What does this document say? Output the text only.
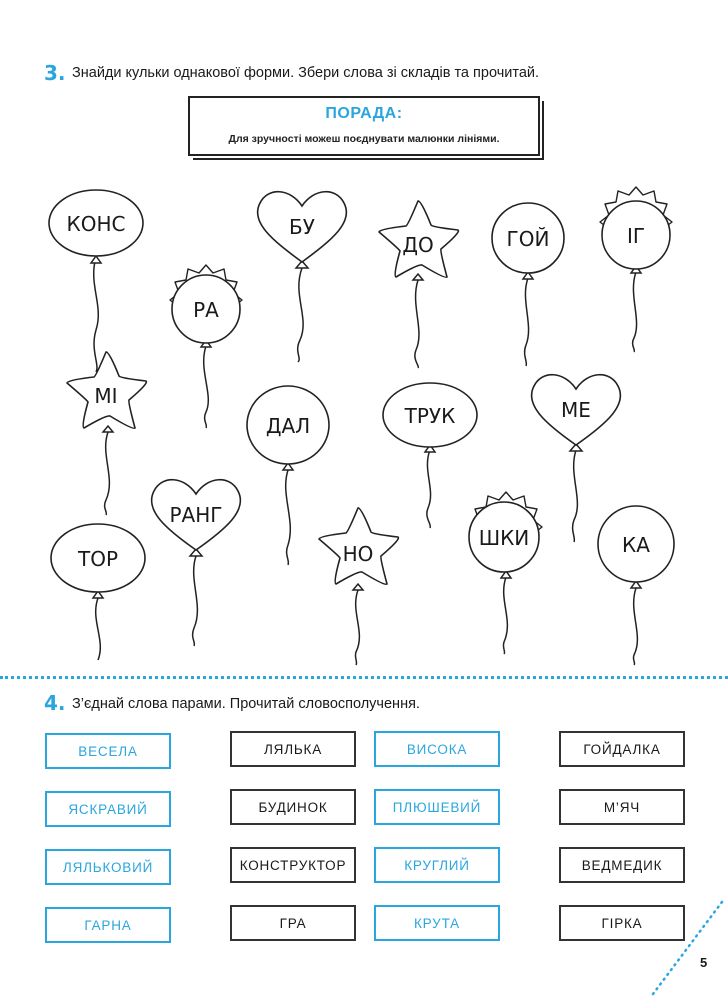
3. Знайди кульки однакової форми. Збери слова зі складів та прочитай.
ПОРАДА:
Для зручності можеш поєднувати малюнки лініями.
КОНС	БУ
ДО	ГОЙ	ІГ
РА
МІ
ДАЛ	ТРУК	МЕ
РАНГ
ТОР	НО
ШКИ	КА
4. З’єднай слова парами. Прочитай словосполучення.
ВЕСЕЛА
ЯСКРАВИЙ
ЛЯЛЬКОВИЙ
ГАРНА
ЛЯЛЬКА
БУДИНОК
КОНСТРУКТОР
ГРА
ВИСОКА
ПЛЮШЕВИЙ
КРУГЛИЙ
КРУТА
ГОЙДАЛКА
М’ЯЧ
ВЕДМЕДИК
ГІРКА
5
